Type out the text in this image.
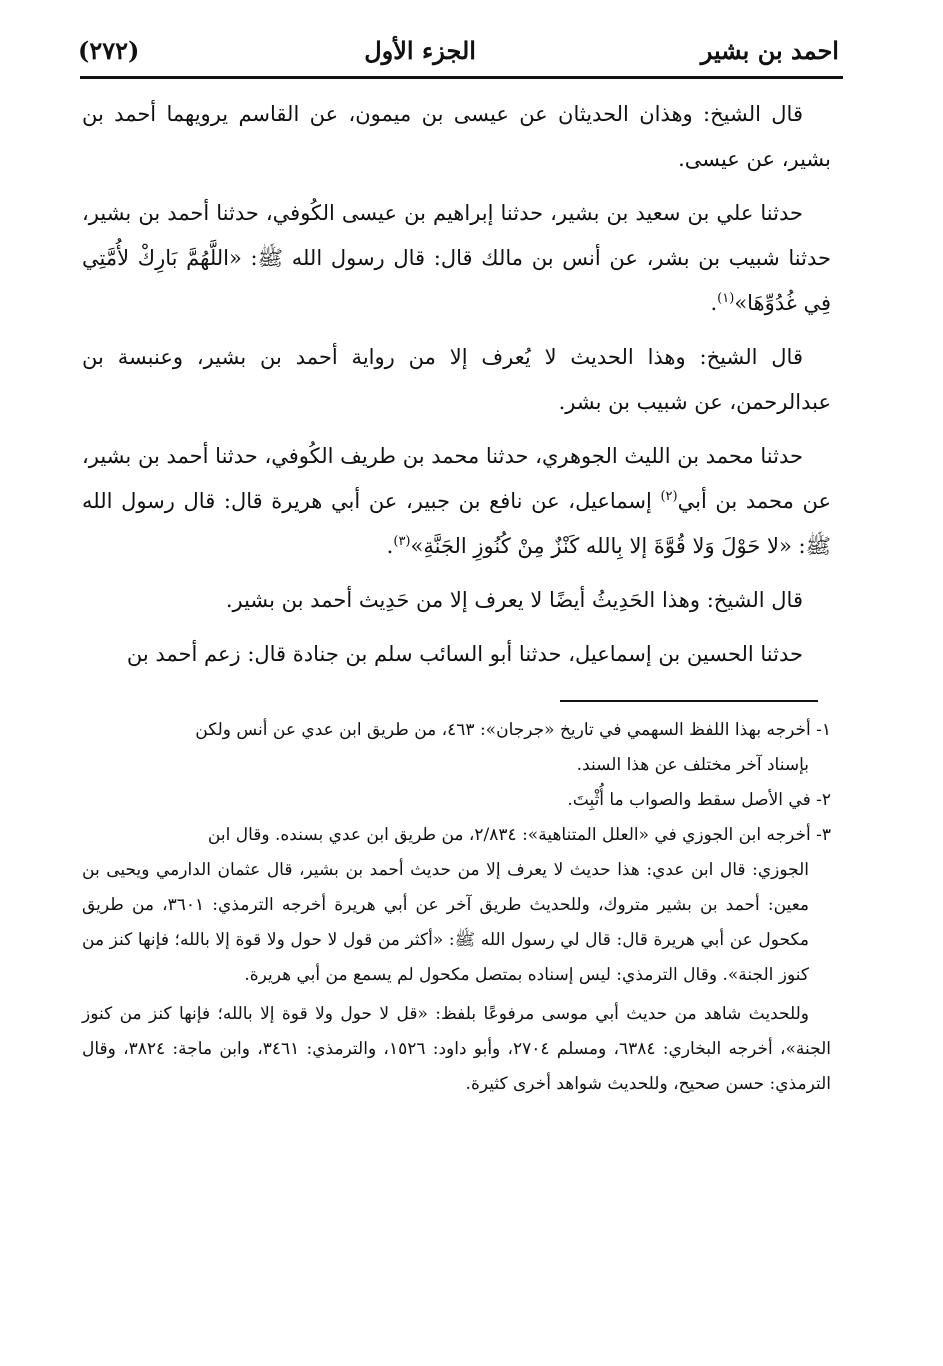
(٢٧٢)	الجزء الأول	احمد بن بشير

قال الشيخ: وهذان الحديثان عن عيسى بن ميمون، عن القاسم يرويهما أحمد بن بشير، عن عيسى.

حدثنا علي بن سعيد بن بشير، حدثنا إبراهيم بن عيسى الكُوفي، حدثنا أحمد بن بشير، حدثنا شبيب بن بشر، عن أنس بن مالك قال: قال رسول الله ﷺ: «اللَّهُمَّ بَارِكْ لأُمَّتِي فِي غُدُوِّهَا»$^{(١)}$.

قال الشيخ: وهذا الحديث لا يُعرف إلا من رواية أحمد بن بشير، وعنبسة بن عبدالرحمن، عن شبيب بن بشر.

حدثنا محمد بن الليث الجوهري، حدثنا محمد بن طريف الكُوفي، حدثنا أحمد بن بشير، عن محمد بن أبي$^{(٢)}$ إسماعيل، عن نافع بن جبير، عن أبي هريرة قال: قال رسول الله ﷺ: «لا حَوْلَ وَلا قُوَّةَ إلا بِالله كَنْزٌ مِنْ كُنُوزِ الجَنَّةِ»$^{(٣)}$.

قال الشيخ: وهذا الحَدِيثُ أيضًا لا يعرف إلا من حَدِيث أحمد بن بشير.

حدثنا الحسين بن إسماعيل، حدثنا أبو السائب سلم بن جنادة قال: زعم أحمد بن

١- أخرجه بهذا اللفظ السهمي في تاريخ «جرجان»: ٤٦٣، من طريق ابن عدي عن أنس ولكن

بإسناد آخر مختلف عن هذا السند.

٢- في الأصل سقط والصواب ما أُثْبِتَ.

٣- أخرجه ابن الجوزي في «العلل المتناهية»: ٢/٨٣٤، من طريق ابن عدي بسنده. وقال ابن

الجوزي: قال ابن عدي: هذا حديث لا يعرف إلا من حديث أحمد بن بشير، قال عثمان الدارمي ويحيى بن معين: أحمد بن بشير متروك، وللحديث طريق آخر عن أبي هريرة أخرجه الترمذي: ٣٦٠١، من طريق مكحول عن أبي هريرة قال: قال لي رسول الله ﷺ: «أكثر من قول لا حول ولا قوة إلا بالله؛ فإنها كنز من كنوز الجنة». وقال الترمذي: ليس إسناده بمتصل مكحول لم يسمع من أبي هريرة.

وللحديث شاهد من حديث أبي موسى مرفوعًا بلفظ: «قل لا حول ولا قوة إلا بالله؛ فإنها كنز من كنوز الجنة»، أخرجه البخاري: ٦٣٨٤، ومسلم ٢٧٠٤، وأبو داود: ١٥٢٦، والترمذي: ٣٤٦١، وابن ماجة: ٣٨٢٤، وقال الترمذي: حسن صحيح، وللحديث شواهد أخرى كثيرة.
